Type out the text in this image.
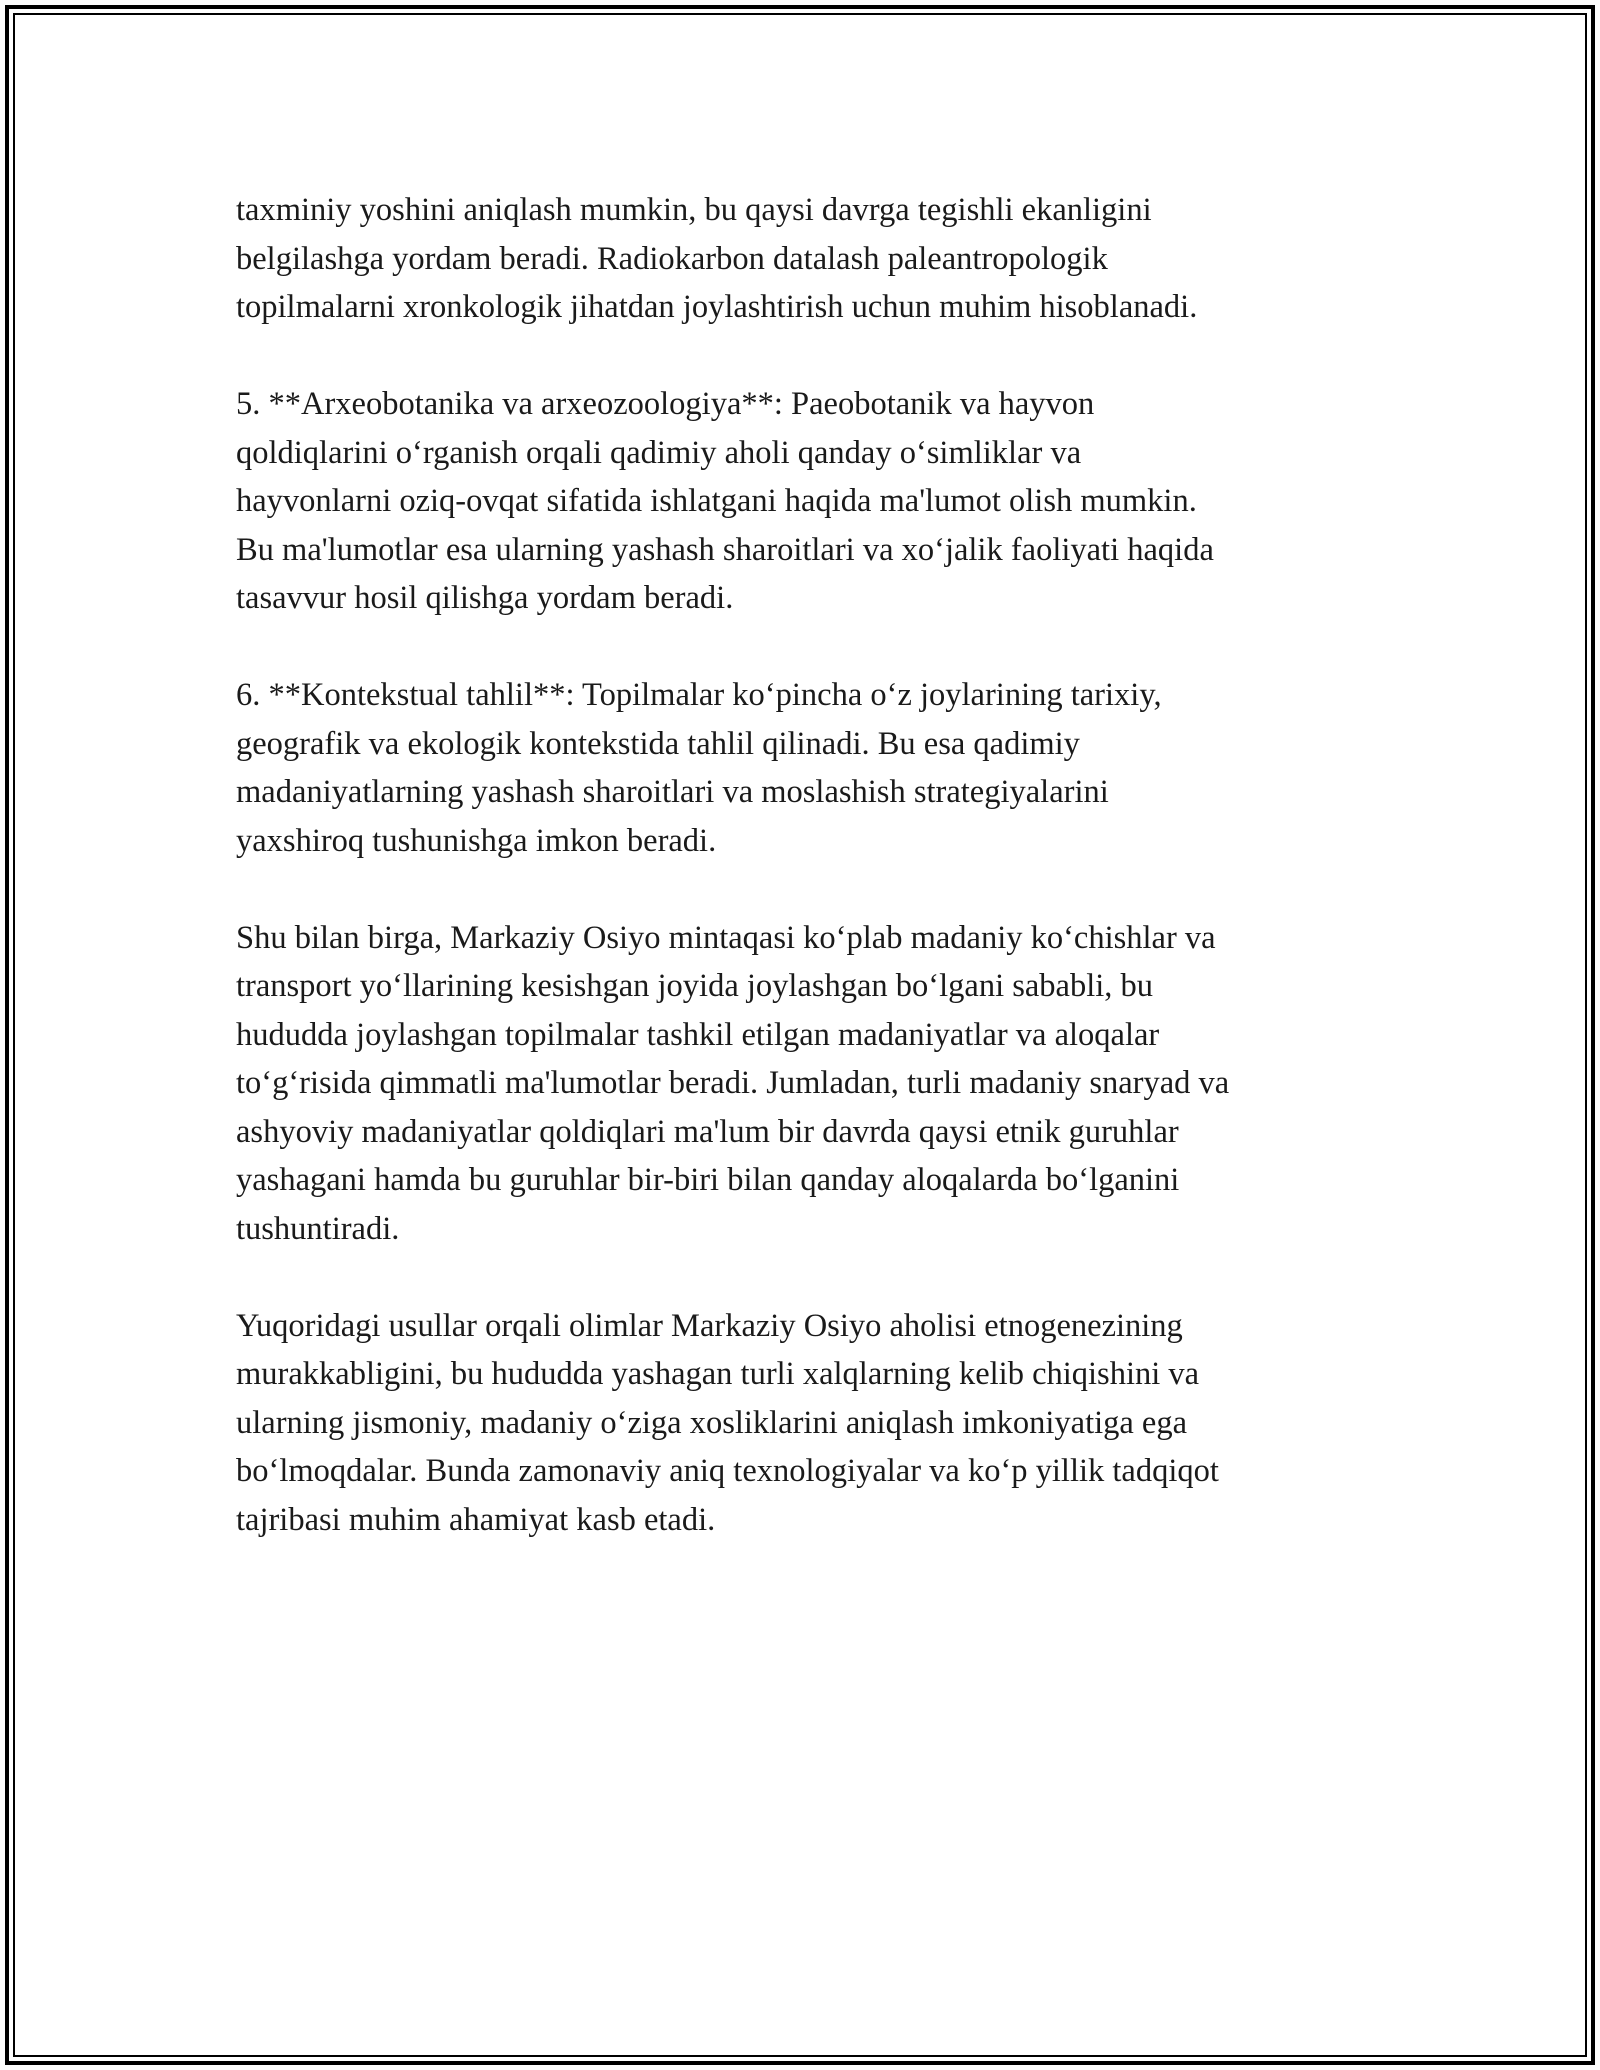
taxminiy yoshini aniqlash mumkin, bu qaysi davrga tegishli ekanligini
belgilashga yordam beradi. Radiokarbon datalash paleantropologik
topilmalarni xronkologik jihatdan joylashtirish uchun muhim hisoblanadi.

5. **Arxeobotanika va arxeozoologiya**: Paeobotanik va hayvon
qoldiqlarini o‘rganish orqali qadimiy aholi qanday o‘simliklar va
hayvonlarni oziq-ovqat sifatida ishlatgani haqida ma'lumot olish mumkin.
Bu ma'lumotlar esa ularning yashash sharoitlari va xo‘jalik faoliyati haqida
tasavvur hosil qilishga yordam beradi.

6. **Kontekstual tahlil**: Topilmalar ko‘pincha o‘z joylarining tarixiy,
geografik va ekologik kontekstida tahlil qilinadi. Bu esa qadimiy
madaniyatlarning yashash sharoitlari va moslashish strategiyalarini
yaxshiroq tushunishga imkon beradi.

Shu bilan birga, Markaziy Osiyo mintaqasi ko‘plab madaniy ko‘chishlar va
transport yo‘llarining kesishgan joyida joylashgan bo‘lgani sababli, bu
hududda joylashgan topilmalar tashkil etilgan madaniyatlar va aloqalar
to‘g‘risida qimmatli ma'lumotlar beradi. Jumladan, turli madaniy snaryad va
ashyoviy madaniyatlar qoldiqlari ma'lum bir davrda qaysi etnik guruhlar
yashagani hamda bu guruhlar bir-biri bilan qanday aloqalarda bo‘lganini
tushuntiradi.

Yuqoridagi usullar orqali olimlar Markaziy Osiyo aholisi etnogenezining
murakkabligini, bu hududda yashagan turli xalqlarning kelib chiqishini va
ularning jismoniy, madaniy o‘ziga xosliklarini aniqlash imkoniyatiga ega
bo‘lmoqdalar. Bunda zamonaviy aniq texnologiyalar va ko‘p yillik tadqiqot
tajribasi muhim ahamiyat kasb etadi.
